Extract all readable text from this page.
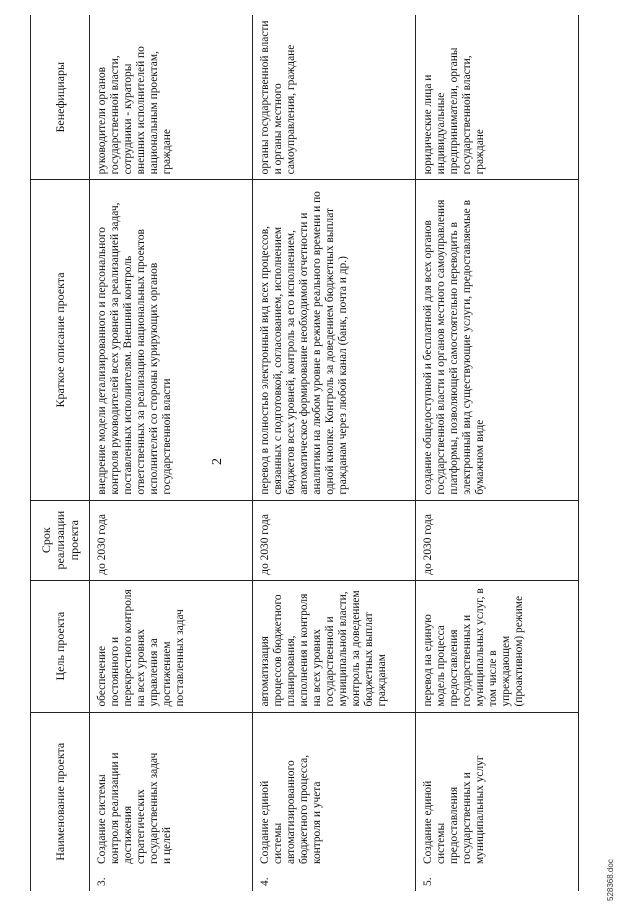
2
Наименование проекта	Цель проекта	Срок реализации проекта	Краткое описание проекта	Бенефициары
3.Создание системы контроля реализации и достижения стратегических государственных задач и целей	обеспечение постоянного и перекрестного контроля на всех уровнях управления за достижением поставленных задач	до 2030 года	внедрение модели детализированного и персонального контроля руководителей всех уровней за реализацией задач, поставленных исполнителям. Внешний контроль ответственных за реализацию национальных проектов исполнителей со стороны курирующих органов государственной власти	руководители органов государственной власти, сотрудники - кураторы внешних исполнителей по национальным проектам, граждане
4.Создание единой системы автоматизированного бюджетного процесса, контроля и учета	автоматизация процессов бюджетного планирования, исполнения и контроля на всех уровнях государственной и муниципальной власти, контроль за доведением бюджетных выплат гражданам	до 2030 года	перевод в полностью электронный вид всех процессов, связанных с подготовкой, согласованием, исполнением бюджетов всех уровней, контроль за его исполнением, автоматическое формирование необходимой отчетности и аналитики на любом уровне в режиме реального времени и по одной кнопке. Контроль за доведением бюджетных выплат гражданам через любой канал (банк, почта и др.)	органы государственной власти и органы местного самоуправления, граждане
5.Создание единой системы предоставления государственных и муниципальных услуг	перевод на единую модель процесса предоставления государственных и муниципальных услуг, в том числе в упреждающем (проактивном) режиме	до 2030 года	создание общедоступной и бесплатной для всех органов государственной власти и органов местного самоуправления платформы, позволяющей самостоятельно переводить в электронный вид существующие услуги, предоставляемые в бумажном виде	юридические лица и индивидуальные предприниматели, органы государственной власти, граждане
528368.doc
